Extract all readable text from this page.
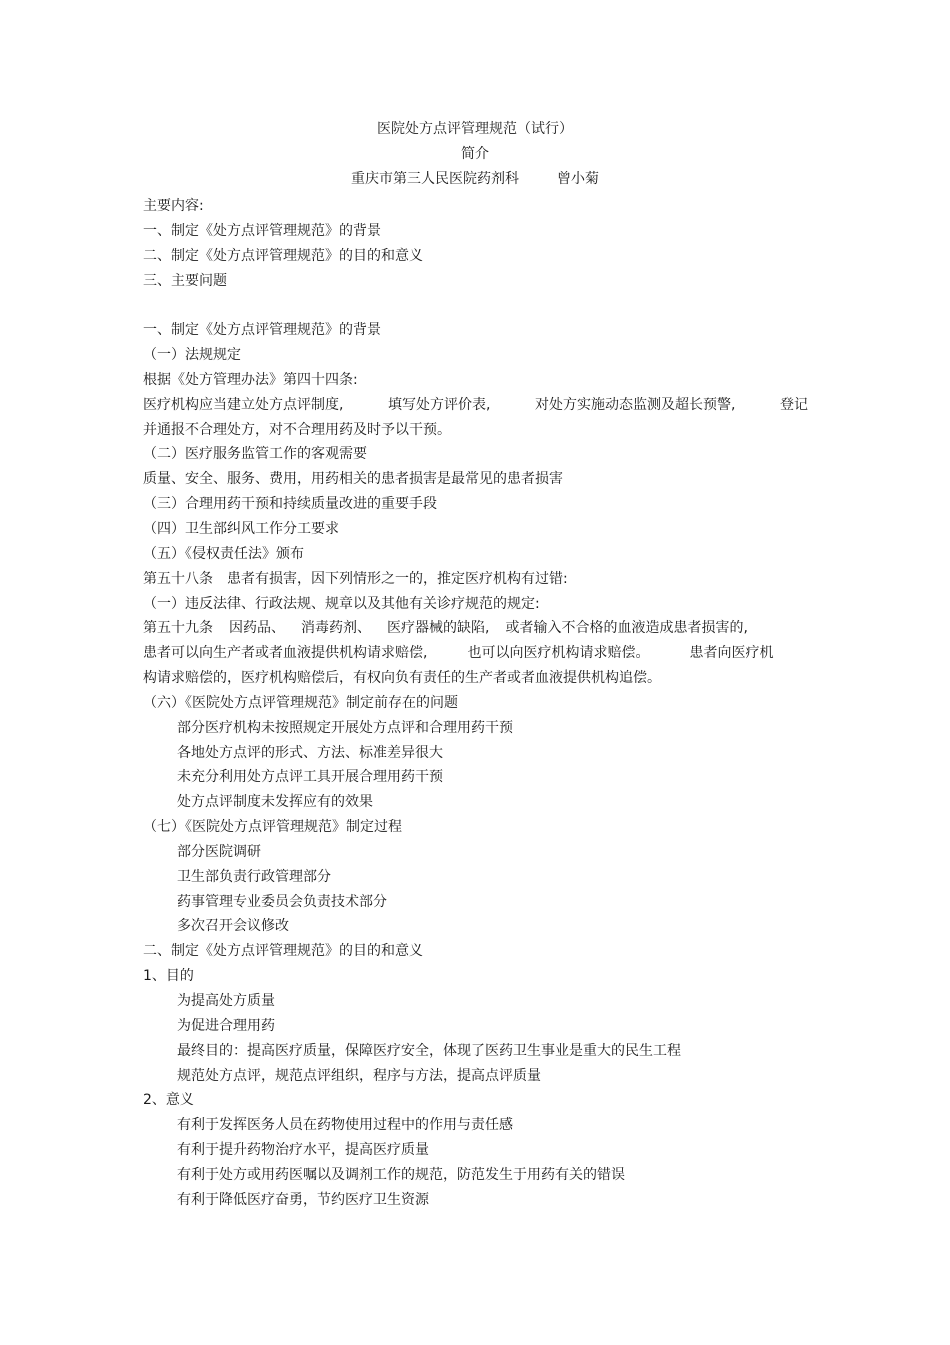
医院处方点评管理规范（试行）
简介
重庆市第三人民医院药剂科	曾小菊
主要内容:
一、制定《处方点评管理规范》的背景
二、制定《处方点评管理规范》的目的和意义
三、主要问题
一、制定《处方点评管理规范》的背景
（一）法规规定
根据《处方管理办法》第四十四条:
医疗机构应当建立处方点评制度,	填写处方评价表,	对处方实施动态监测及超长预警,	登记
并通报不合理处方，对不合理用药及时予以干预。
（二）医疗服务监管工作的客观需要
质量、安全、服务、费用，用药相关的患者损害是最常见的患者损害
（三）合理用药干预和持续质量改进的重要手段
（四）卫生部纠风工作分工要求
（五）《侵权责任法》颁布
第五十八条　患者有损害，因下列情形之一的，推定医疗机构有过错:
（一）违反法律、行政法规、规章以及其他有关诊疗规范的规定:
第五十九条 因药品、 消毒药剂、 医疗器械的缺陷, 或者输入不合格的血液造成患者损害的,
患者可以向生产者或者血液提供机构请求赔偿,	也可以向医疗机构请求赔偿。	患者向医疗机
构请求赔偿的，医疗机构赔偿后，有权向负有责任的生产者或者血液提供机构追偿。
（六）《医院处方点评管理规范》制定前存在的问题
部分医疗机构未按照规定开展处方点评和合理用药干预
各地处方点评的形式、方法、标准差异很大
未充分利用处方点评工具开展合理用药干预
处方点评制度未发挥应有的效果
（七）《医院处方点评管理规范》制定过程
部分医院调研
卫生部负责行政管理部分
药事管理专业委员会负责技术部分
多次召开会议修改
二、制定《处方点评管理规范》的目的和意义
1、目的
为提高处方质量
为促进合理用药
最终目的：提高医疗质量，保障医疗安全，体现了医药卫生事业是重大的民生工程
规范处方点评，规范点评组织，程序与方法，提高点评质量
2、意义
有利于发挥医务人员在药物使用过程中的作用与责任感
有利于提升药物治疗水平，提高医疗质量
有利于处方或用药医嘱以及调剂工作的规范，防范发生于用药有关的错误
有利于降低医疗奋勇，节约医疗卫生资源
